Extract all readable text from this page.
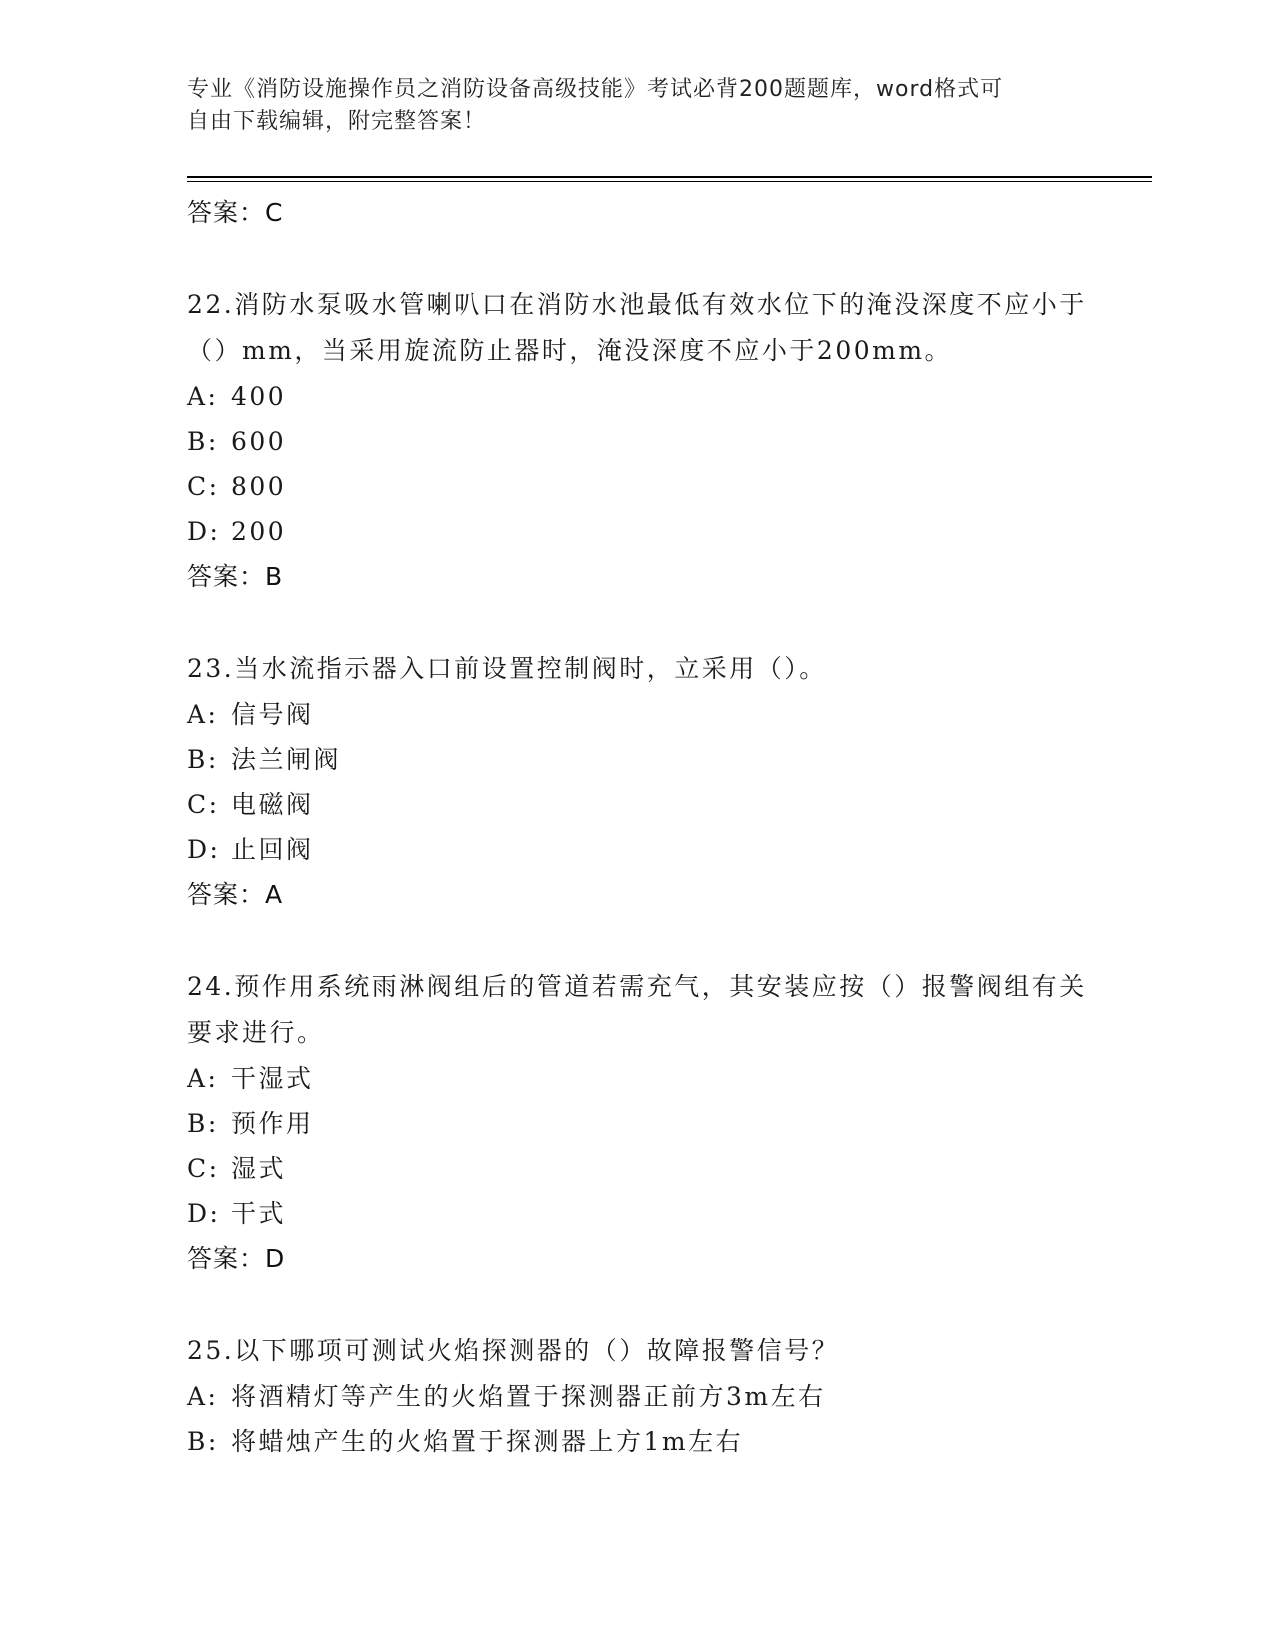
专业《消防设施操作员之消防设备高级技能》考试必背200题题库，word格式可
自由下载编辑，附完整答案！
答案：C
22.消防水泵吸水管喇叭口在消防水池最低有效水位下的淹没深度不应小于（）mm，当采用旋流防止器时，淹没深度不应小于200mm。
A: 400
B: 600
C: 800
D: 200
答案：B
23.当水流指示器入口前设置控制阀时，立采用（）。
A: 信号阀
B: 法兰闸阀
C: 电磁阀
D: 止回阀
答案：A
24.预作用系统雨淋阀组后的管道若需充气，其安装应按（）报警阀组有关要求进行。
A: 干湿式
B: 预作用
C: 湿式
D: 干式
答案：D
25.以下哪项可测试火焰探测器的（）故障报警信号？
A: 将酒精灯等产生的火焰置于探测器正前方3m左右
B: 将蜡烛产生的火焰置于探测器上方1m左右
